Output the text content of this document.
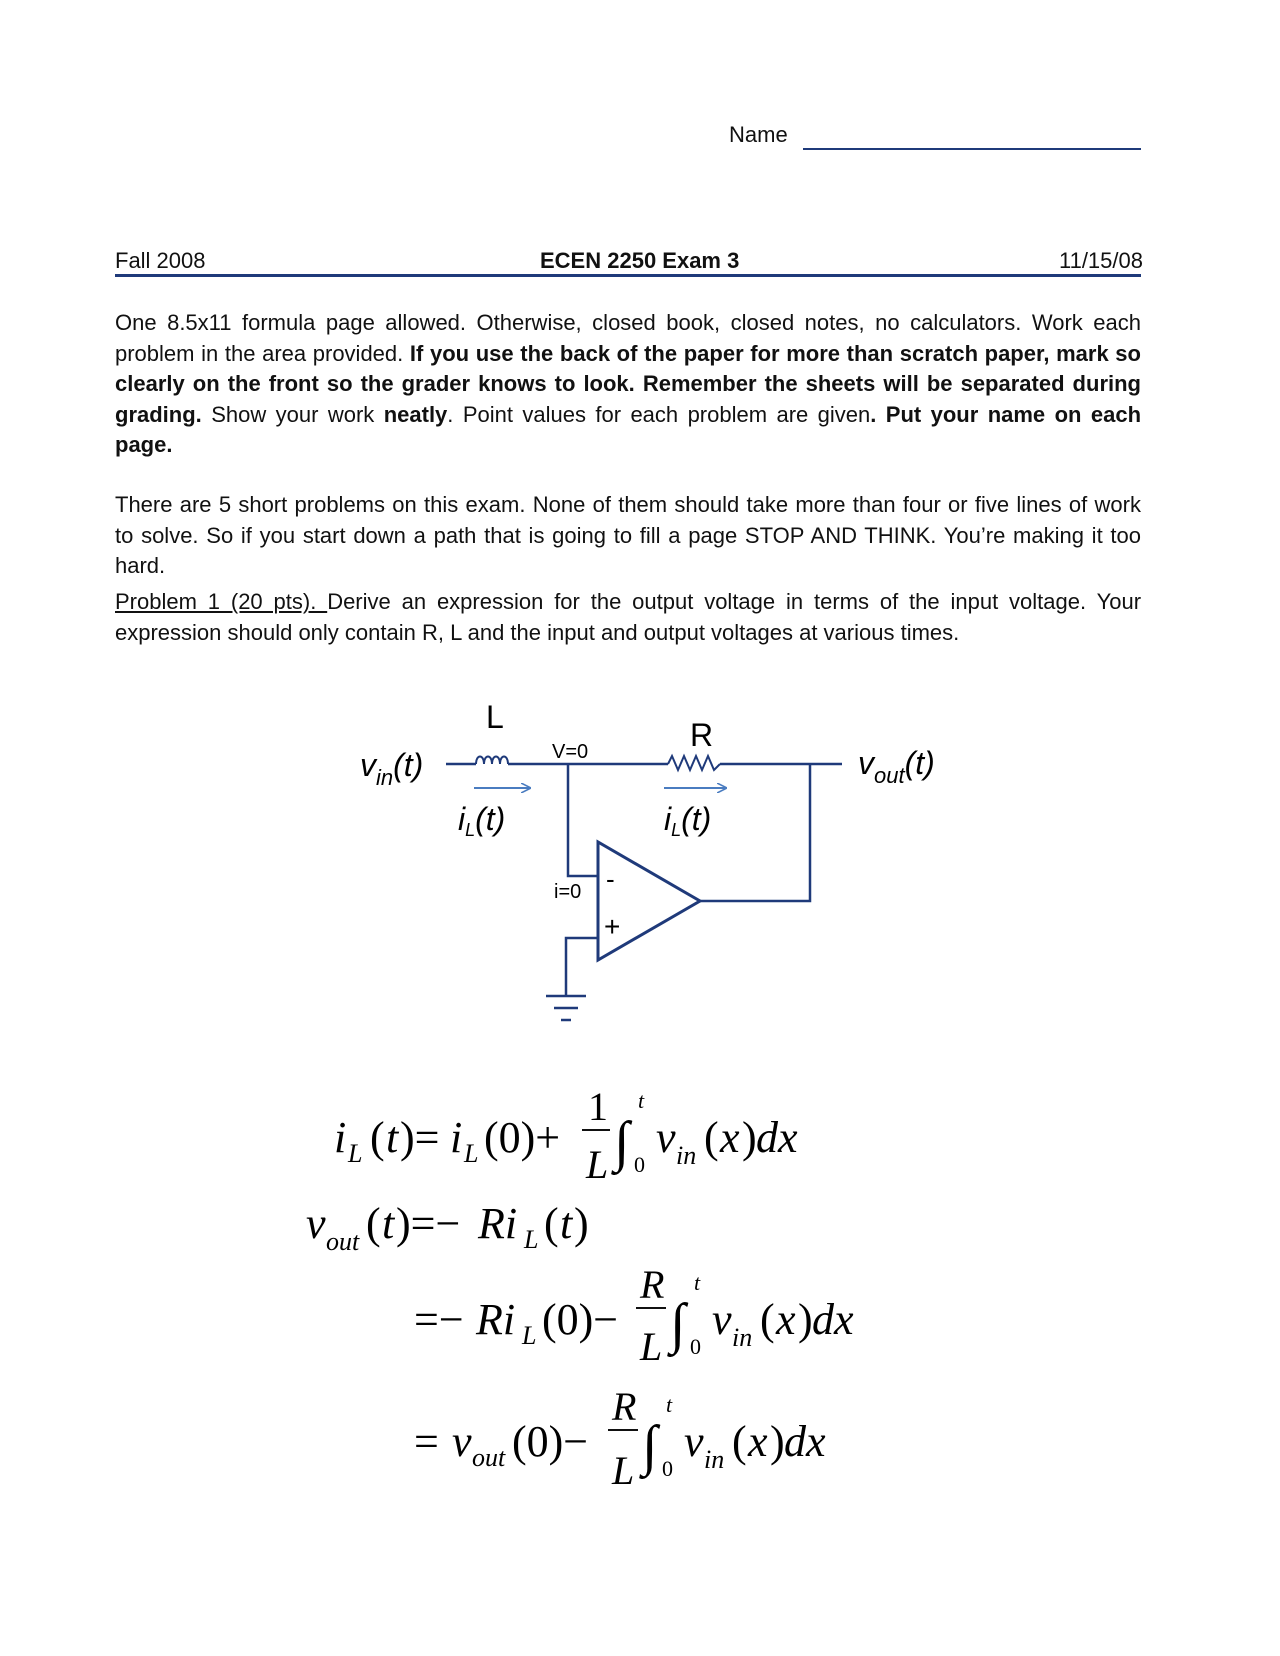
Name
Fall 2008	ECEN 2250 Exam 3	11/15/08
One 8.5x11 formula page allowed. Otherwise, closed book, closed notes, no calculators. Work each problem in the area provided. If you use the back of the paper for more than scratch paper, mark so clearly on the front so the grader knows to look. Remember the sheets will be separated during grading. Show your work neatly. Point values for each problem are given. Put your name on each page.
There are 5 short problems on this exam. None of them should take more than four or five lines of work to solve. So if you start down a path that is going to fill a page STOP AND THINK. You’re making it too hard.
Problem 1 (20 pts). Derive an expression for the output voltage in terms of the input voltage. Your expression should only contain R, L and the input and output voltages at various times.
$v_{in}(t)$
L	R
$v_{out}(t)$
V=0
iL(t)	iL(t)
i=0 -
+
i L ( t )= i L (0)+
1
L ∫
t
0
v in ( x ) dx
v out ( t )=− Ri L ( t )
=− Ri L (0)−
R
L ∫
t
0
v in ( x ) dx
= v out (0)−
R
L ∫
t
0
v in ( x ) dx
